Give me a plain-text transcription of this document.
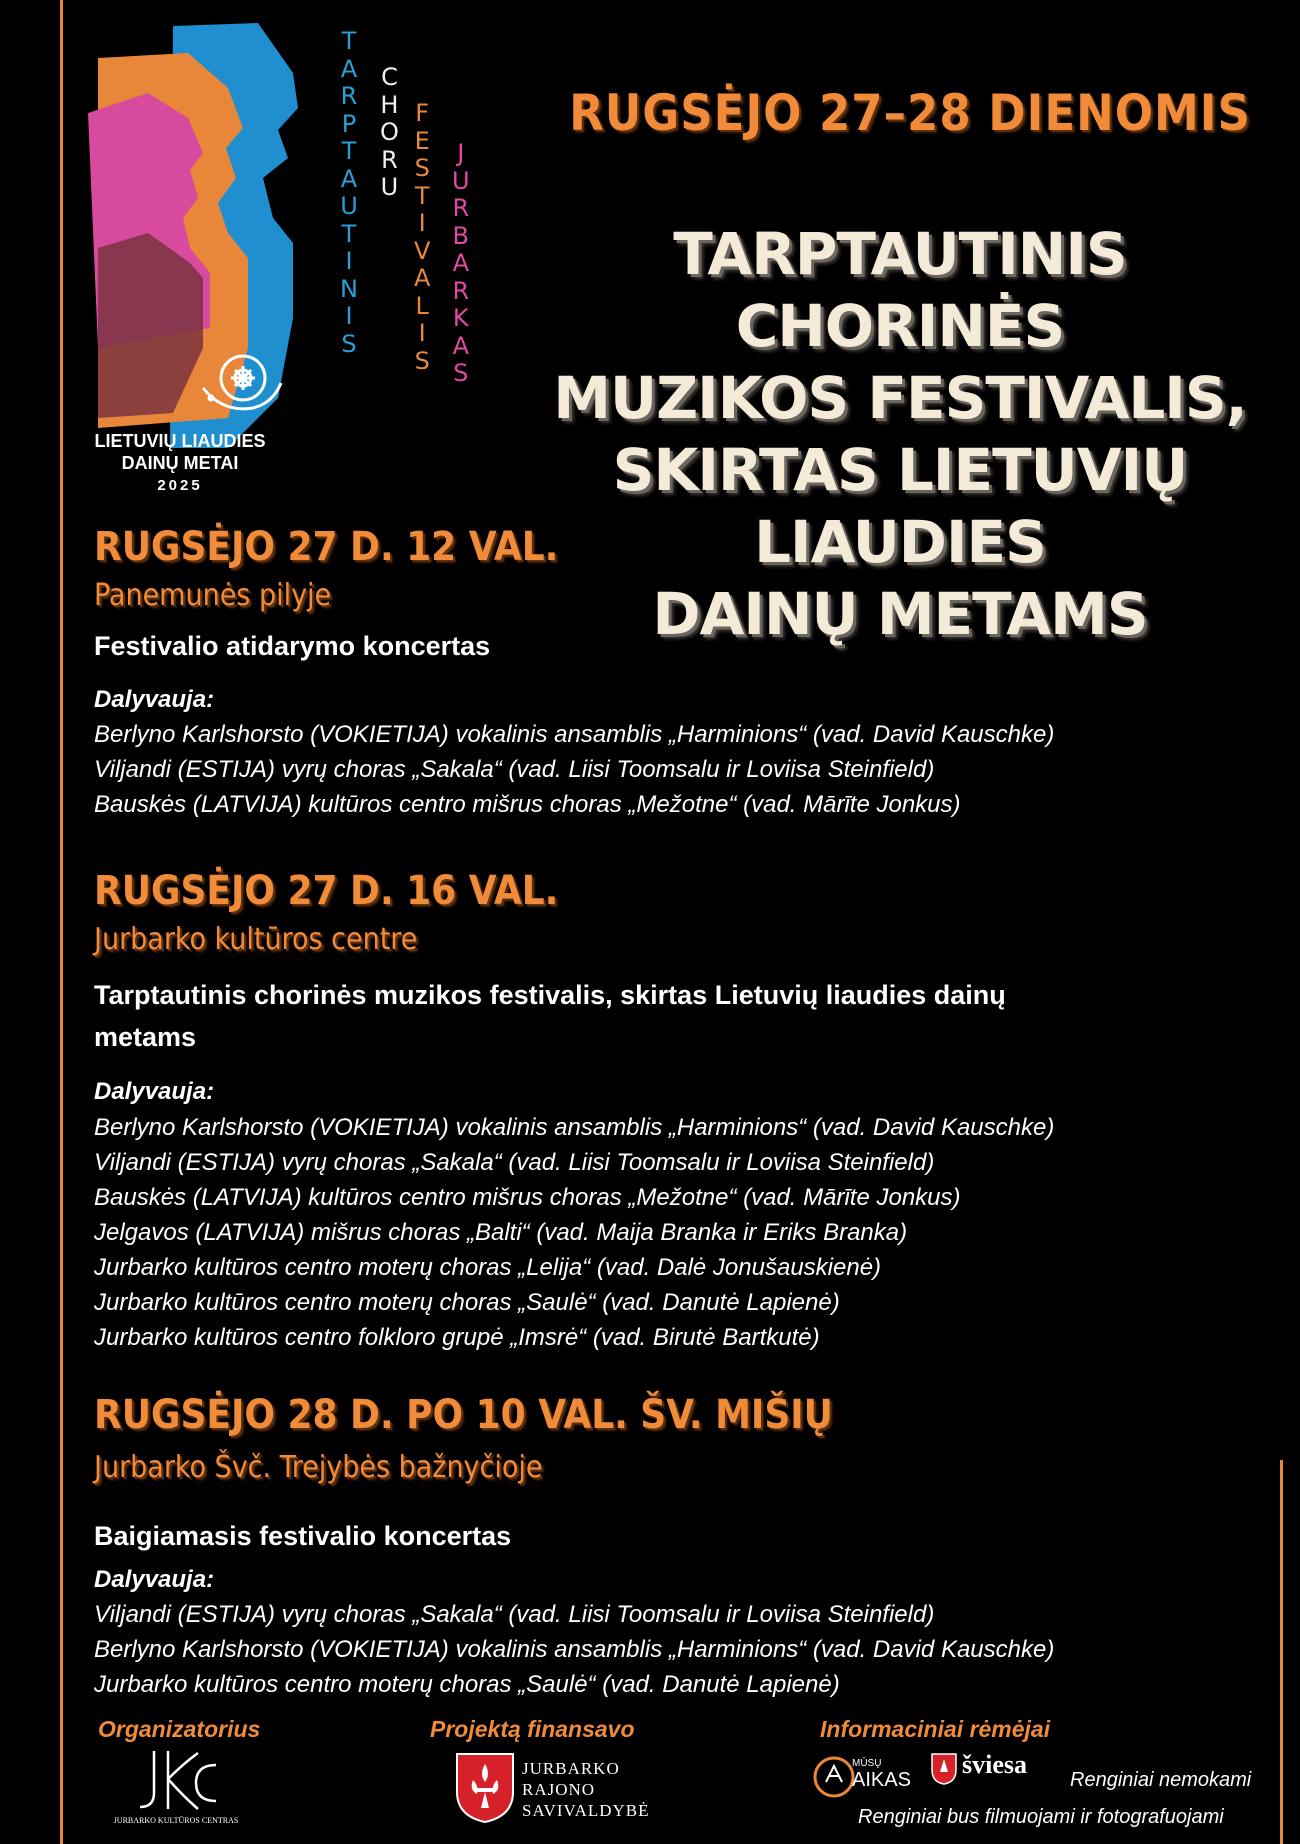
T
A
R
P
T
A
U
T
I
N
I
S
C
H
O
R
U
F
E
S
T
I
V
A
L
I
S
J
U
R
B
A
R
K
A
S
LIETUVIŲ LIAUDIES
DAINŲ METAI
2025
RUGSĖJO 27–28 DIENOMIS
TARPTAUTINIS CHORINĖS
MUZIKOS FESTIVALIS,
SKIRTAS LIETUVIŲ LIAUDIES
DAINŲ METAMS
RUGSĖJO 27 D. 12 VAL.
Panemunės pilyje
Festivalio atidarymo koncertas
Dalyvauja:
Berlyno Karlshorsto (VOKIETIJA) vokalinis ansamblis „Harminions“ (vad. David Kauschke)
Viljandi (ESTIJA) vyrų choras „Sakala“ (vad. Liisi Toomsalu ir Loviisa Steinfield)
Bauskės (LATVIJA) kultūros centro mišrus choras „Mežotne“ (vad. Mārīte Jonkus)
RUGSĖJO 27 D. 16 VAL.
Jurbarko kultūros centre
Tarptautinis chorinės muzikos festivalis, skirtas Lietuvių liaudies dainų
metams
Dalyvauja:
Berlyno Karlshorsto (VOKIETIJA) vokalinis ansamblis „Harminions“ (vad. David Kauschke)
Viljandi (ESTIJA) vyrų choras „Sakala“ (vad. Liisi Toomsalu ir Loviisa Steinfield)
Bauskės (LATVIJA) kultūros centro mišrus choras „Mežotne“ (vad. Mārīte Jonkus)
Jelgavos (LATVIJA) mišrus choras „Balti“ (vad. Maija Branka ir Eriks Branka)
Jurbarko kultūros centro moterų choras „Lelija“ (vad. Dalė Jonušauskienė)
Jurbarko kultūros centro moterų choras „Saulė“ (vad. Danutė Lapienė)
Jurbarko kultūros centro folkloro grupė „Imsrė“ (vad. Birutė Bartkutė)
RUGSĖJO 28 D. PO 10 VAL. ŠV. MIŠIŲ
Jurbarko Švč. Trejybės bažnyčioje
Baigiamasis festivalio koncertas
Dalyvauja:
Viljandi (ESTIJA) vyrų choras „Sakala“ (vad. Liisi Toomsalu ir Loviisa Steinfield)
Berlyno Karlshorsto (VOKIETIJA) vokalinis ansamblis „Harminions“ (vad. David Kauschke)
Jurbarko kultūros centro moterų choras „Saulė“ (vad. Danutė Lapienė)
Organizatorius
JURBARKO KULTŪROS CENTRAS
Projektą finansavo
JURBARKO
RAJONO
SAVIVALDYBĖ
Informaciniai rėmėjai
MŪSŲ
AIKAS
šviesa
Renginiai nemokami
Renginiai bus filmuojami ir fotografuojami
